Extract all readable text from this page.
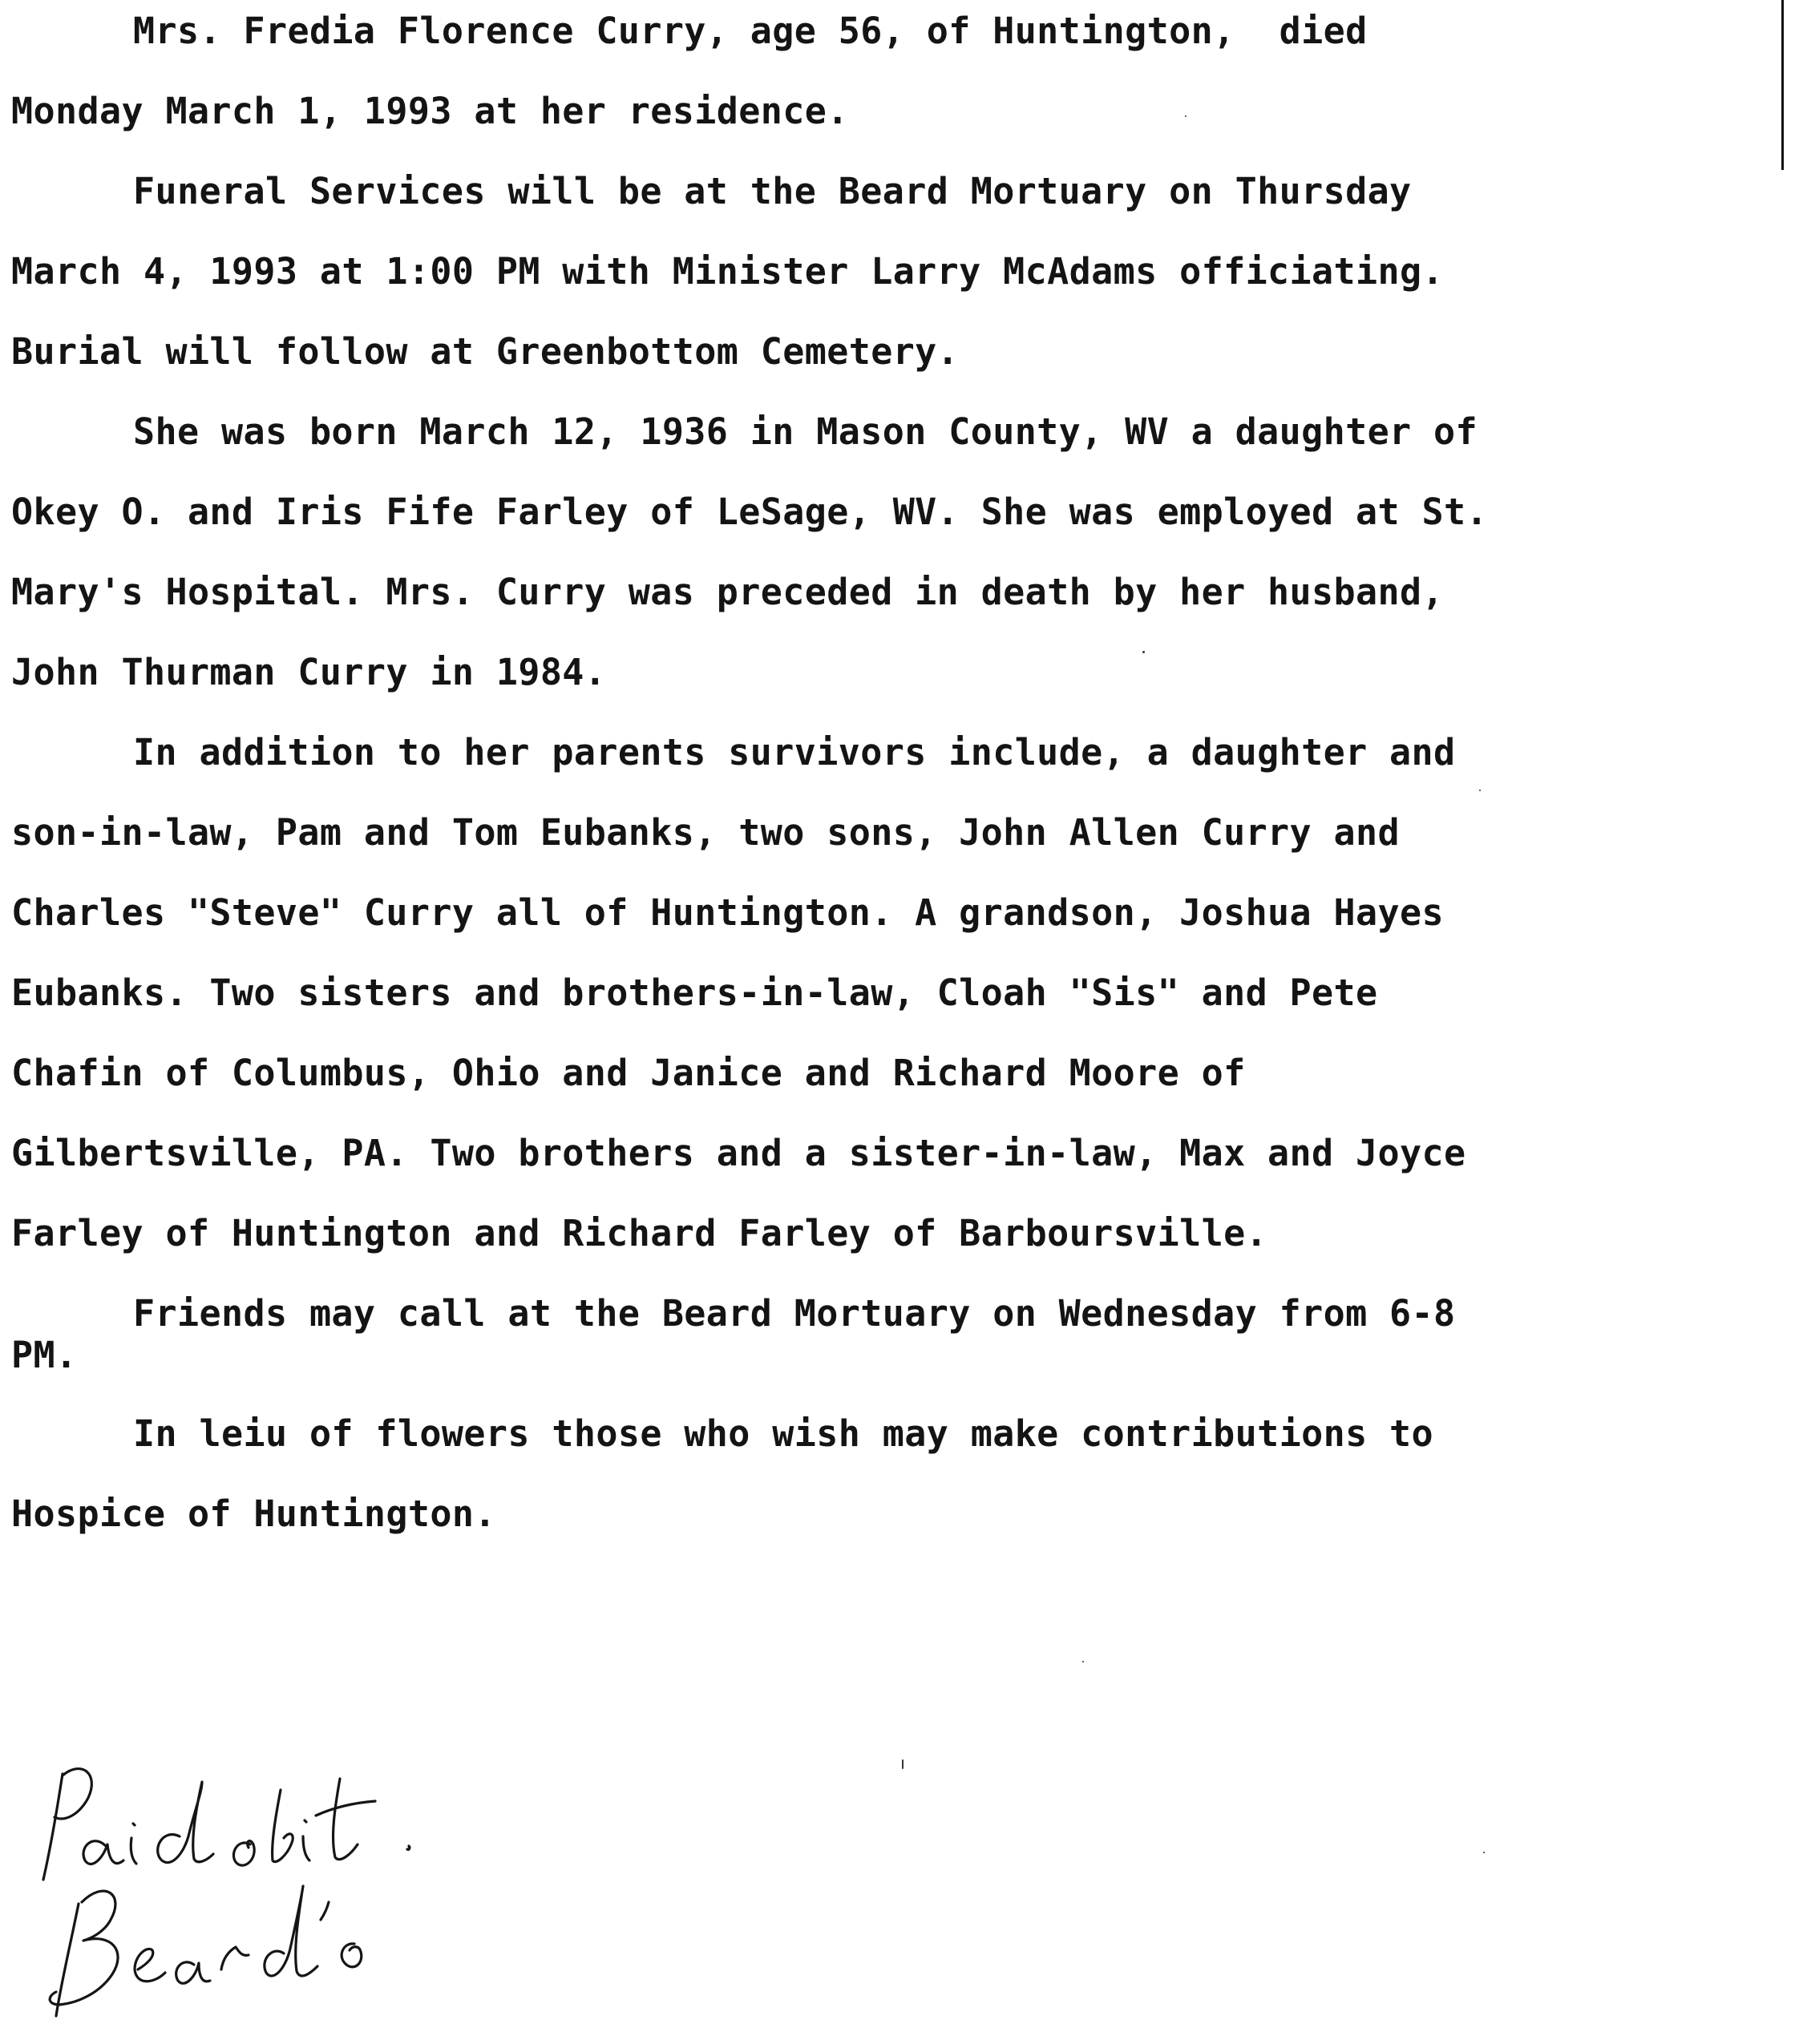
Mrs. Fredia Florence Curry, age 56, of Huntington,  died
Monday March 1, 1993 at her residence.
Funeral Services will be at the Beard Mortuary on Thursday
March 4, 1993 at 1:00 PM with Minister Larry McAdams officiating.
Burial will follow at Greenbottom Cemetery.
She was born March 12, 1936 in Mason County, WV a daughter of
Okey O. and Iris Fife Farley of LeSage, WV. She was employed at St.
Mary's Hospital. Mrs. Curry was preceded in death by her husband,
John Thurman Curry in 1984.
In addition to her parents survivors include, a daughter and
son-in-law, Pam and Tom Eubanks, two sons, John Allen Curry and
Charles "Steve" Curry all of Huntington. A grandson, Joshua Hayes
Eubanks. Two sisters and brothers-in-law, Cloah "Sis" and Pete
Chafin of Columbus, Ohio and Janice and Richard Moore of
Gilbertsville, PA. Two brothers and a sister-in-law, Max and Joyce
Farley of Huntington and Richard Farley of Barboursville.
Friends may call at the Beard Mortuary on Wednesday from 6-8
PM.
In leiu of flowers those who wish may make contributions to
Hospice of Huntington.
